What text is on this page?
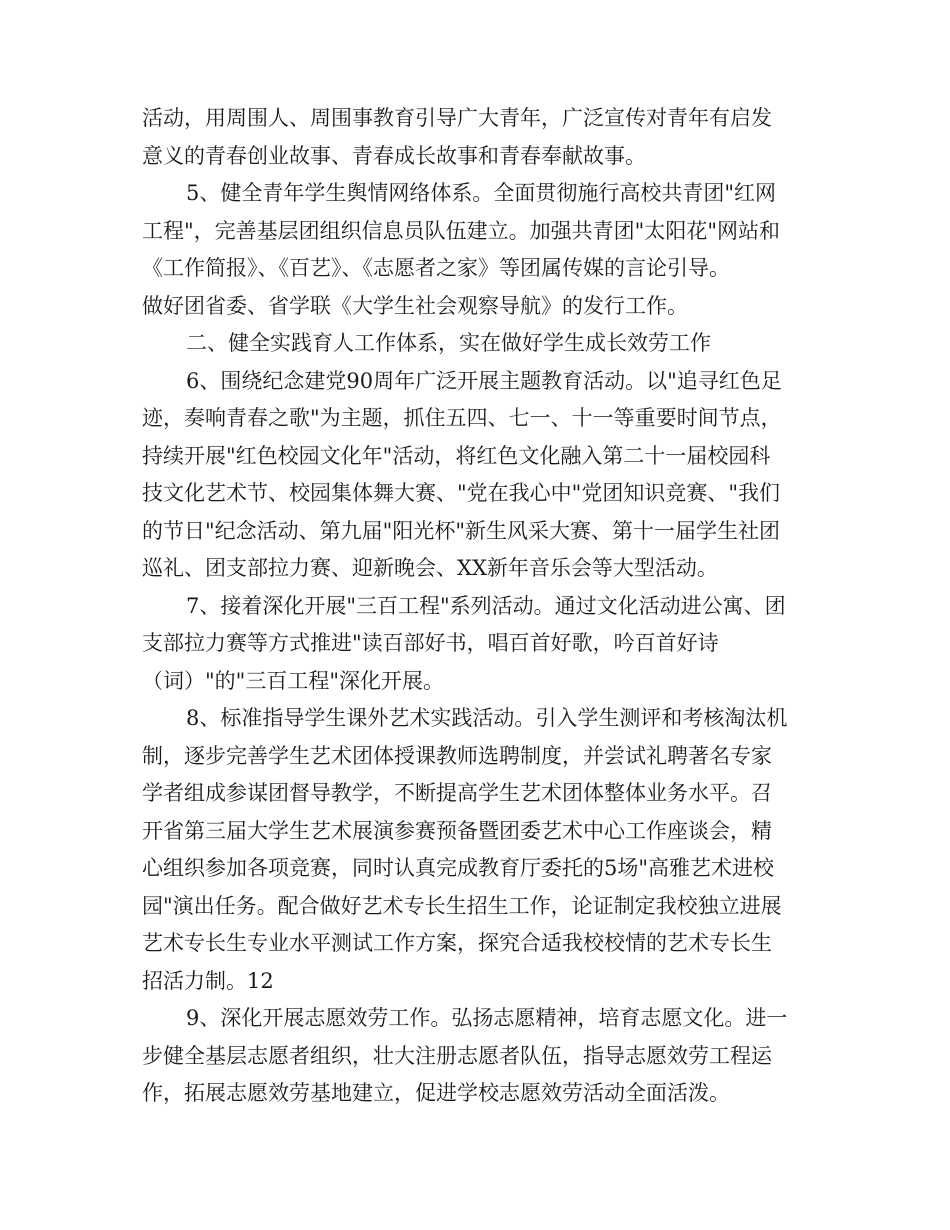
活动，用周围人、周围事教育引导广大青年，广泛宣传对青年有启发
意义的青春创业故事、青春成长故事和青春奉献故事。

5、健全青年学生舆情网络体系。全面贯彻施行高校共青团"红网
工程"，完善基层团组织信息员队伍建立。加强共青团"太阳花"网站和
《工作简报》、《百艺》、《志愿者之家》等团属传媒的言论引导。
做好团省委、省学联《大学生社会观察导航》的发行工作。

二、健全实践育人工作体系，实在做好学生成长效劳工作

6、围绕纪念建党90周年广泛开展主题教育活动。以"追寻红色足
迹，奏响青春之歌"为主题，抓住五四、七一、十一等重要时间节点，
持续开展"红色校园文化年"活动，将红色文化融入第二十一届校园科
技文化艺术节、校园集体舞大赛、"党在我心中"党团知识竞赛、"我们
的节日"纪念活动、第九届"阳光杯"新生风采大赛、第十一届学生社团
巡礼、团支部拉力赛、迎新晚会、XX新年音乐会等大型活动。

7、接着深化开展"三百工程"系列活动。通过文化活动进公寓、团
支部拉力赛等方式推进"读百部好书，唱百首好歌，吟百首好诗
（词）"的"三百工程"深化开展。

8、标准指导学生课外艺术实践活动。引入学生测评和考核淘汰机
制，逐步完善学生艺术团体授课教师选聘制度，并尝试礼聘著名专家
学者组成参谋团督导教学，不断提高学生艺术团体整体业务水平。召
开省第三届大学生艺术展演参赛预备暨团委艺术中心工作座谈会，精
心组织参加各项竞赛，同时认真完成教育厅委托的5场"高雅艺术进校
园"演出任务。配合做好艺术专长生招生工作，论证制定我校独立进展
艺术专长生专业水平测试工作方案，探究合适我校校情的艺术专长生
招活力制。12

9、深化开展志愿效劳工作。弘扬志愿精神，培育志愿文化。进一
步健全基层志愿者组织，壮大注册志愿者队伍，指导志愿效劳工程运
作，拓展志愿效劳基地建立，促进学校志愿效劳活动全面活泼。
